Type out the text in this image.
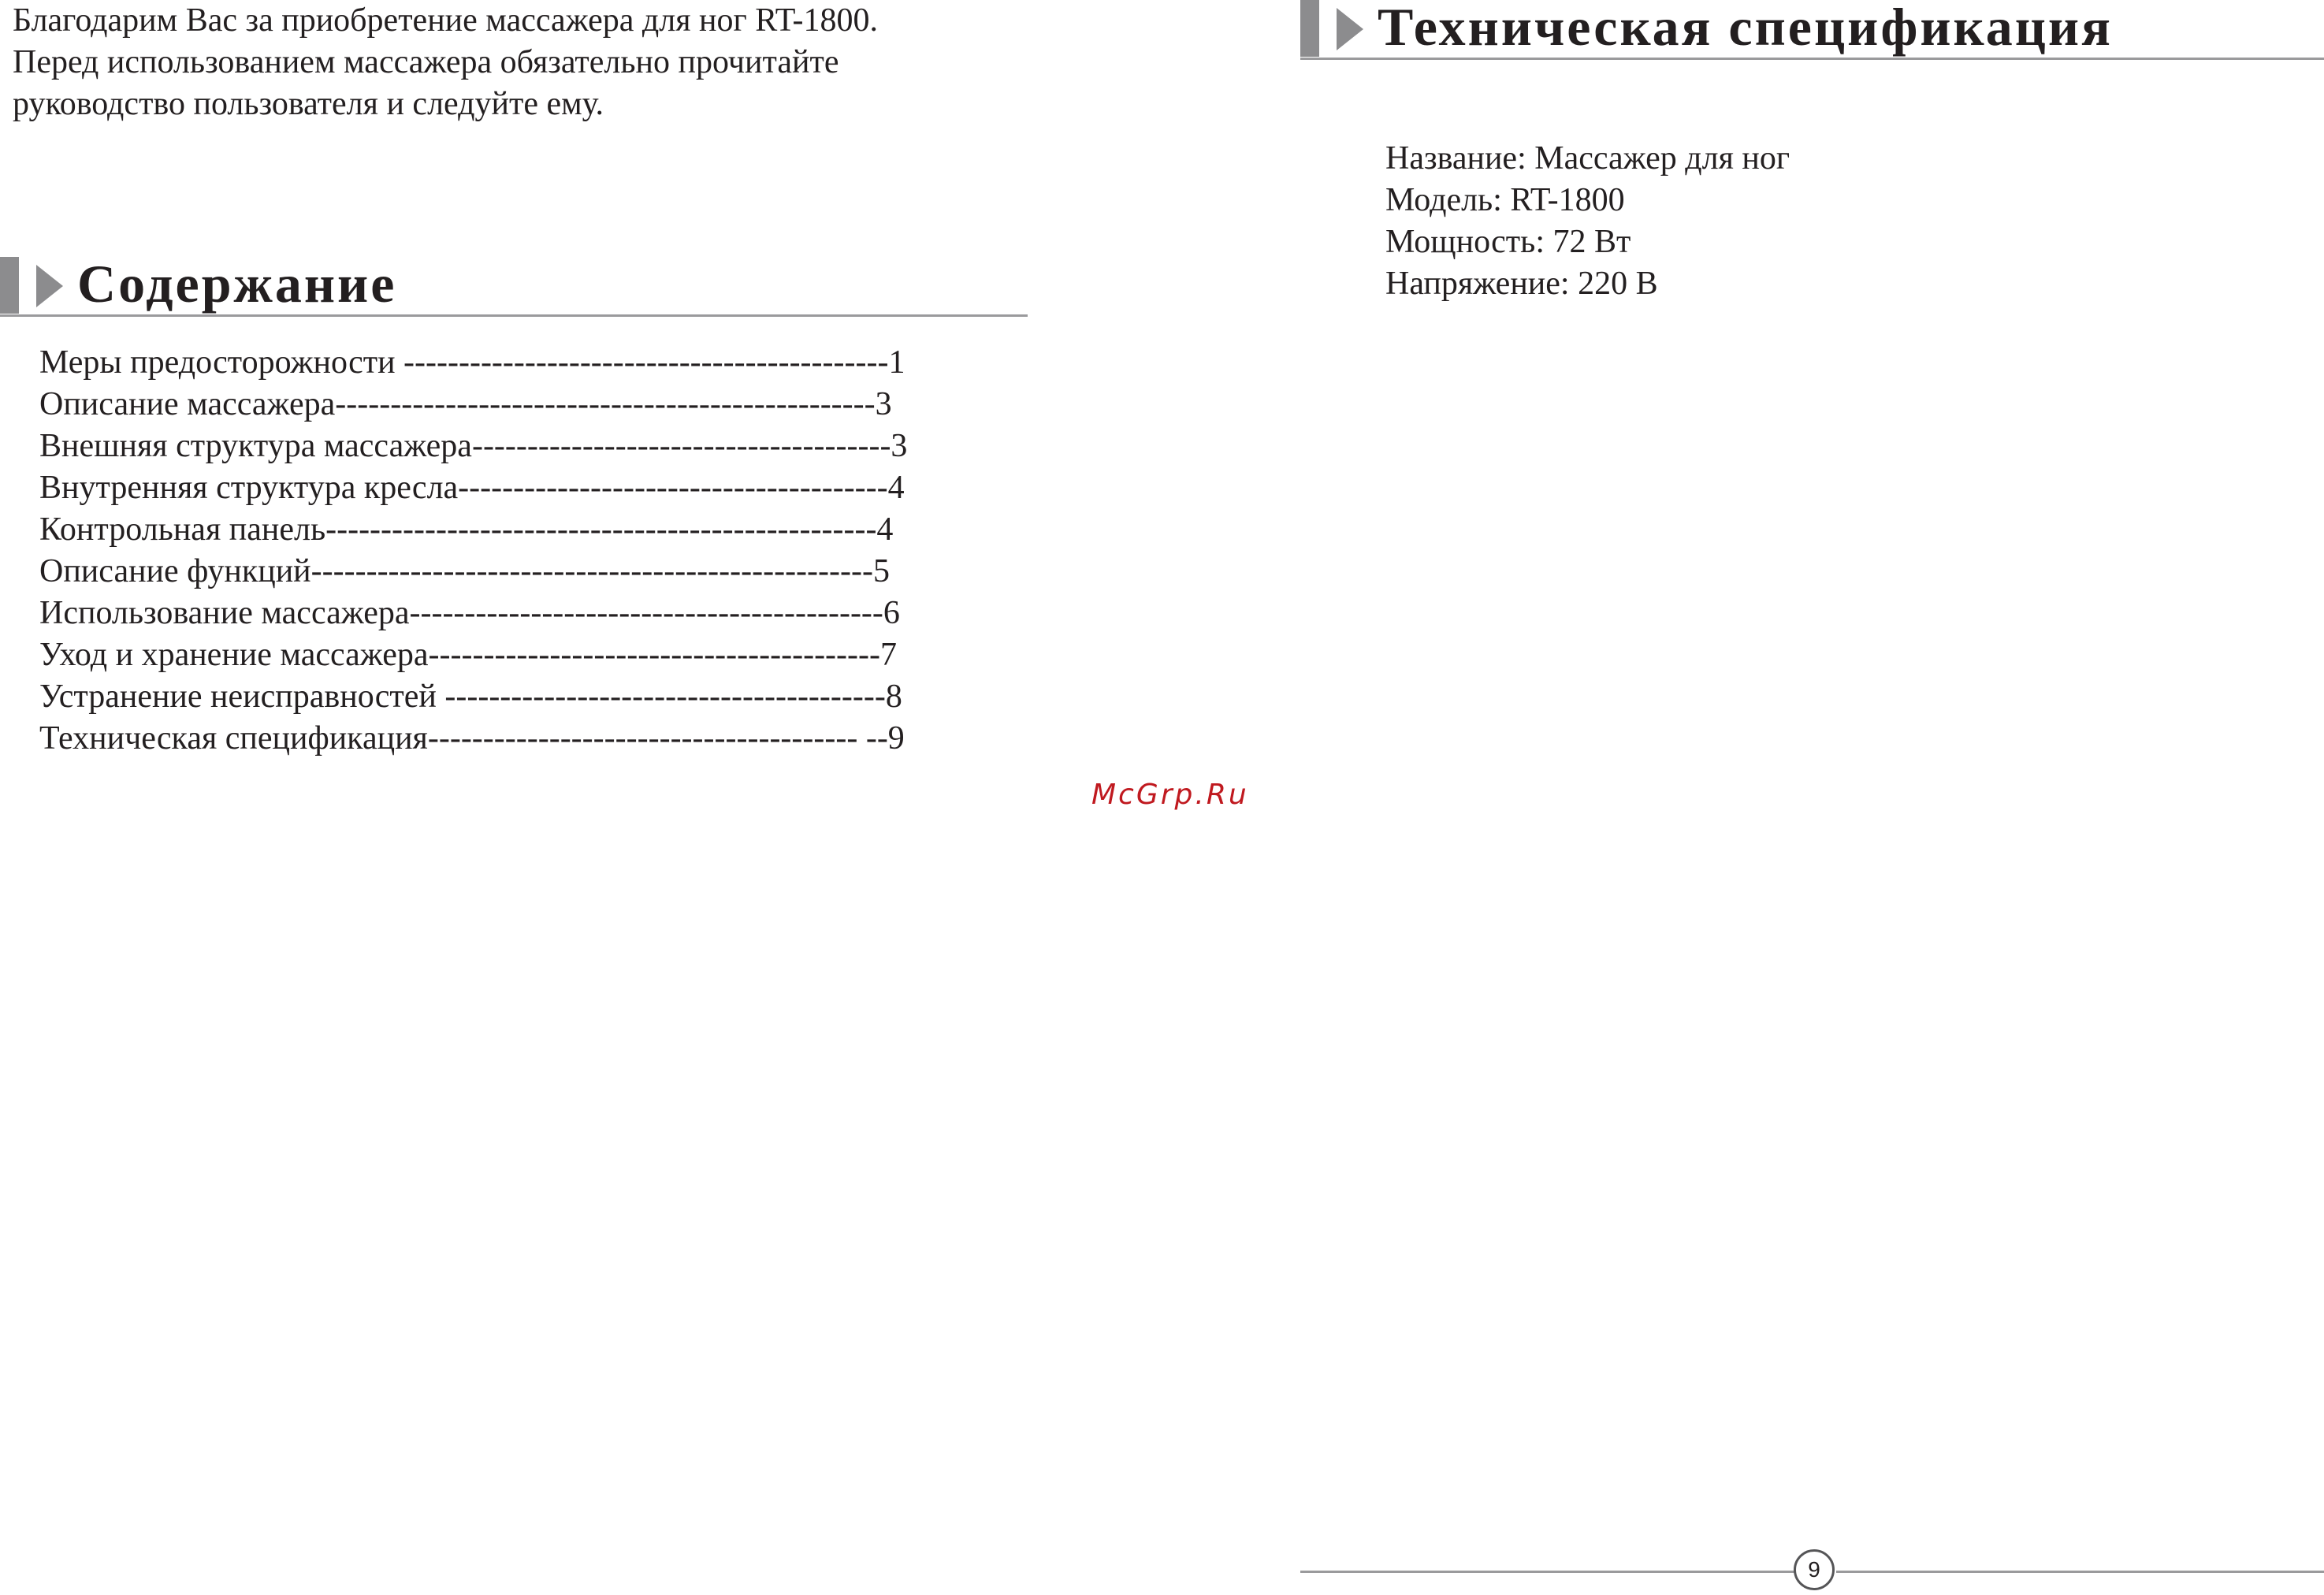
Благодарим Вас за приобретение массажера для ног RT-1800.
Перед использованием массажера обязательно прочитайте
руководство пользователя и следуйте ему.
Содержание
Меры предосторожности --------------------------------------------1
Описание массажера-------------------------------------------------3
Внешняя структура массажера--------------------------------------3
Внутренняя структура кресла---------------------------------------4
Контрольная панель--------------------------------------------------4
Описание функций---------------------------------------------------5
Использование массажера-------------------------------------------6
Уход и хранение массажера-----------------------------------------7
Устранение неисправностей ----------------------------------------8
Техническая спецификация--------------------------------------- --9
McGrp.Ru
Техническая спецификация
Название: Массажер для ног
Модель: RT-1800
Мощность: 72 Вт
Напряжение: 220 В
9
